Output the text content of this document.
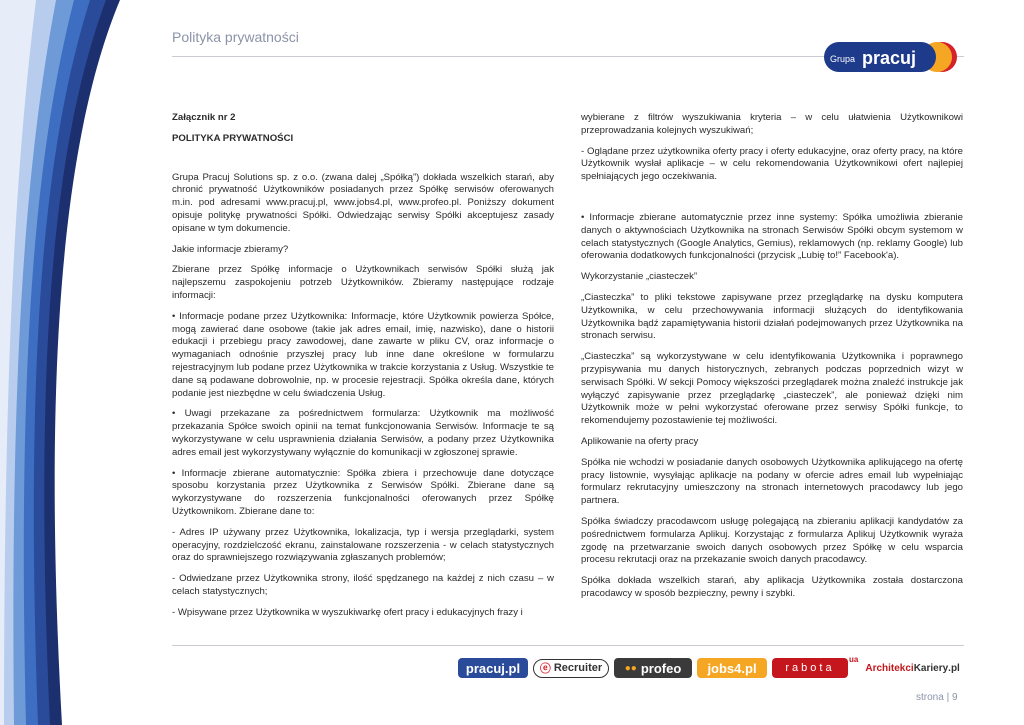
Polityka prywatności
Grupa pracuj

Załącznik nr 2

POLITYKA PRYWATNOŚCI

Grupa Pracuj Solutions sp. z o.o. (zwana dalej „Spółką”) dokłada wszelkich starań, aby chronić prywatność Użytkowników posiadanych przez Spółkę serwisów oferowanych m.in. pod adresami www.pracuj.pl, www.jobs4.pl, www.profeo.pl. Poniższy dokument opisuje politykę prywatności Spółki. Odwiedzając serwisy Spółki akceptujesz zasady opisane w tym dokumencie.

Jakie informacje zbieramy?

Zbierane przez Spółkę informacje o Użytkownikach serwisów Spółki służą jak najlepszemu zaspokojeniu potrzeb Użytkowników. Zbieramy następujące rodzaje informacji:

• Informacje podane przez Użytkownika: Informacje, które Użytkownik powierza Spółce, mogą zawierać dane osobowe (takie jak adres email, imię, nazwisko), dane o historii edukacji i przebiegu pracy zawodowej, dane zawarte w pliku CV, oraz informacje o wymaganiach odnośnie przyszłej pracy lub inne dane określone w formularzu rejestracyjnym lub podane przez Użytkownika w trakcie korzystania z Usług. Wszystkie te dane są podawane dobrowolnie, np. w procesie rejestracji. Spółka określa dane, których podanie jest niezbędne w celu świadczenia Usług.

• Uwagi przekazane za pośrednictwem formularza: Użytkownik ma możliwość przekazania Spółce swoich opinii na temat funkcjonowania Serwisów. Informacje te są wykorzystywane w celu usprawnienia działania Serwisów, a podany przez Użytkownika adres email jest wykorzystywany wyłącznie do komunikacji w zgłoszonej sprawie.

• Informacje zbierane automatycznie: Spółka zbiera i przechowuje dane dotyczące sposobu korzystania przez Użytkownika z Serwisów Spółki. Zbierane dane są wykorzystywane do rozszerzenia funkcjonalności oferowanych przez Spółkę Użytkownikom. Zbierane dane to:

- Adres IP używany przez Użytkownika, lokalizacja, typ i wersja przeglądarki, system operacyjny, rozdzielczość ekranu, zainstalowane rozszerzenia - w celach statystycznych oraz do sprawniejszego rozwiązywania zgłaszanych problemów;

- Odwiedzane przez Użytkownika strony, ilość spędzanego na każdej z nich czasu – w celach statystycznych;

- Wpisywane przez Użytkownika w wyszukiwarkę ofert pracy i edukacyjnych frazy i

wybierane z filtrów wyszukiwania kryteria – w celu ułatwienia Użytkownikowi przeprowadzania kolejnych wyszukiwań;

- Oglądane przez użytkownika oferty pracy i oferty edukacyjne, oraz oferty pracy, na które Użytkownik wysłał aplikacje – w celu rekomendowania Użytkownikowi ofert najlepiej spełniających jego oczekiwania.

• Informacje zbierane automatycznie przez inne systemy: Spółka umożliwia zbieranie danych o aktywnościach Użytkownika na stronach Serwisów Spółki obcym systemom w celach statystycznych (Google Analytics, Gemius), reklamowych (np. reklamy Google) lub oferowania dodatkowych funkcjonalności (przycisk „Lubię to!” Facebook'a).

Wykorzystanie „ciasteczek”

„Ciasteczka” to pliki tekstowe zapisywane przez przeglądarkę na dysku komputera Użytkownika, w celu przechowywania informacji służących do identyfikowania Użytkownika bądź zapamiętywania historii działań podejmowanych przez Użytkownika na stronach serwisu.

„Ciasteczka” są wykorzystywane w celu identyfikowania Użytkownika i poprawnego przypisywania mu danych historycznych, zebranych podczas poprzednich wizyt w serwisach Spółki. W sekcji Pomocy większości przeglądarek można znaleźć instrukcje jak wyłączyć zapisywanie przez przeglądarkę „ciasteczek”, ale ponieważ dzięki nim Użytkownik może w pełni wykorzystać oferowane przez serwisy Spółki funkcje, to rekomendujemy pozostawienie tej możliwości.

Aplikowanie na oferty pracy

Spółka nie wchodzi w posiadanie danych osobowych Użytkownika aplikującego na ofertę pracy listownie, wysyłając aplikacje na podany w ofercie adres email lub wypełniając formularz rekrutacyjny umieszczony na stronach internetowych pracodawcy lub jego partnera.

Spółka świadczy pracodawcom usługę polegającą na zbieraniu aplikacji kandydatów za pośrednictwem formularza Aplikuj. Korzystając z formularza Aplikuj Użytkownik wyraża zgodę na przetwarzanie swoich danych osobowych przez Spółkę w celu wsparcia procesu rekrutacji oraz na przekazanie swoich danych pracodawcy.

Spółka dokłada wszelkich starań, aby aplikacja Użytkownika została dostarczona pracodawcy w sposób bezpieczny, pewny i szybki.

pracuj.pl	ⓔ Recruiter ●● profeo	jobs4.pl	rabota
ua
Architekci Kariery .pl
strona | 9
